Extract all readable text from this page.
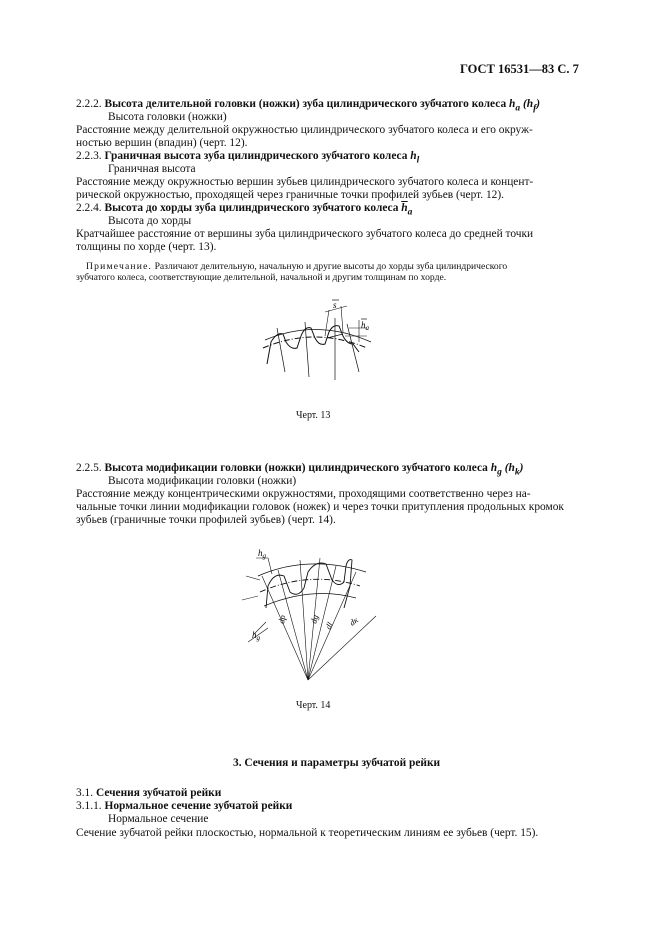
ГОСТ 16531—83 С. 7
2.2.2. Высота делительной головки (ножки) зуба цилиндрического зубчатого колеса $h_a$ $(h_f)$
Высота головки (ножки)
Расстояние между делительной окружностью цилиндрического зубчатого колеса и его окруж-
ностью вершин (впадин) (черт. 12).
2.2.3. Граничная высота зуба цилиндрического зубчатого колеса $h_l$
Граничная высота
Расстояние между окружностью вершин зубьев цилиндрического зубчатого колеса и концент-
рической окружностью, проходящей через граничные точки профилей зубьев (черт. 12).
2.2.4. Высота до хорды зуба цилиндрического зубчатого колеса $\overline{h}_a$
Высота до хорды
Кратчайшее расстояние от вершины зуба цилиндрического зубчатого колеса до средней точки
толщины по хорде (черт. 13).
Примечание. Различают делительную, начальную и другие высоты до хорды зуба цилиндрического
зубчатого колеса, соответствующие делительной, начальной и другим толщинам по хорде.
s
$h_a$
Черт. 13
2.2.5. Высота модификации головки (ножки) цилиндрического зубчатого колеса $h_g$ $(h_k)$
Высота модификации головки (ножки)
Расстояние между концентрическими окружностями, проходящими соответственно через на-
чальные точки линии модификации головок (ножек) и через точки притупления продольных кромок
зубьев (граничные точки профилей зубьев) (черт. 14).
$h_g$
$h_g$
dp dg
dl dк
Черт. 14
3. Сечения и параметры зубчатой рейки
3.1. Сечения зубчатой рейки
3.1.1. Нормальное сечение зубчатой рейки
Нормальное сечение
Сечение зубчатой рейки плоскостью, нормальной к теоретическим линиям ее зубьев (черт. 15).
